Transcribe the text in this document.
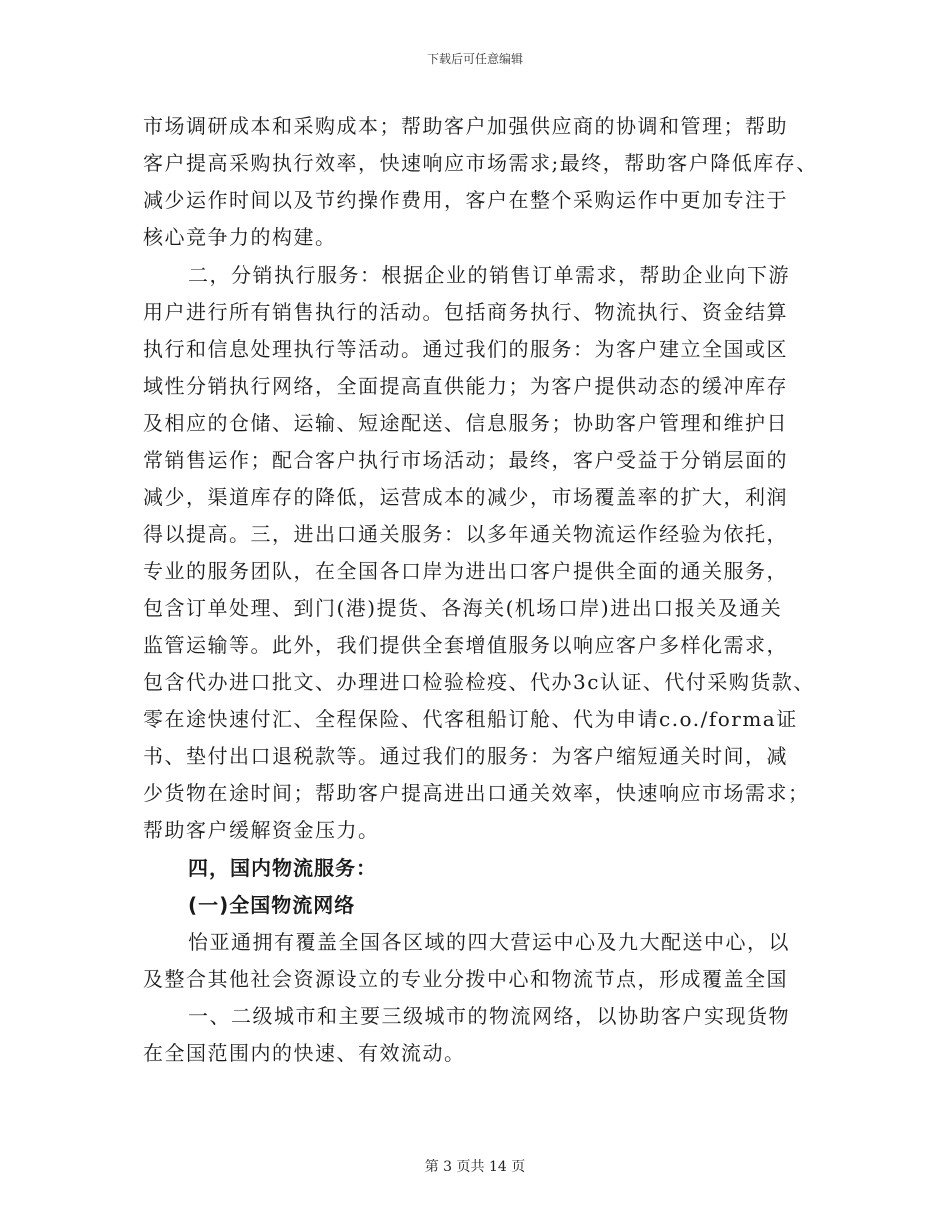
下载后可任意编辑
市场调研成本和采购成本；帮助客户加强供应商的协调和管理；帮助
客户提高采购执行效率，快速响应市场需求;最终，帮助客户降低库存、
减少运作时间以及节约操作费用，客户在整个采购运作中更加专注于
核心竞争力的构建。
二，分销执行服务：根据企业的销售订单需求，帮助企业向下游
用户进行所有销售执行的活动。包括商务执行、物流执行、资金结算
执行和信息处理执行等活动。通过我们的服务：为客户建立全国或区
域性分销执行网络，全面提高直供能力；为客户提供动态的缓冲库存
及相应的仓储、运输、短途配送、信息服务；协助客户管理和维护日
常销售运作；配合客户执行市场活动；最终，客户受益于分销层面的
减少，渠道库存的降低，运营成本的减少，市场覆盖率的扩大，利润
得以提高。三，进出口通关服务：以多年通关物流运作经验为依托，
专业的服务团队，在全国各口岸为进出口客户提供全面的通关服务，
包含订单处理、到门(港)提货、各海关(机场口岸)进出口报关及通关
监管运输等。此外，我们提供全套增值服务以响应客户多样化需求，
包含代办进口批文、办理进口检验检疫、代办3c认证、代付采购货款、
零在途快速付汇、全程保险、代客租船订舱、代为申请c.o./forma证
书、垫付出口退税款等。通过我们的服务：为客户缩短通关时间，减
少货物在途时间；帮助客户提高进出口通关效率，快速响应市场需求；
帮助客户缓解资金压力。
四，国内物流服务：
(一)全国物流网络
怡亚通拥有覆盖全国各区域的四大营运中心及九大配送中心，以
及整合其他社会资源设立的专业分拨中心和物流节点，形成覆盖全国
一、二级城市和主要三级城市的物流网络，以协助客户实现货物
在全国范围内的快速、有效流动。
第 3 页共 14 页
